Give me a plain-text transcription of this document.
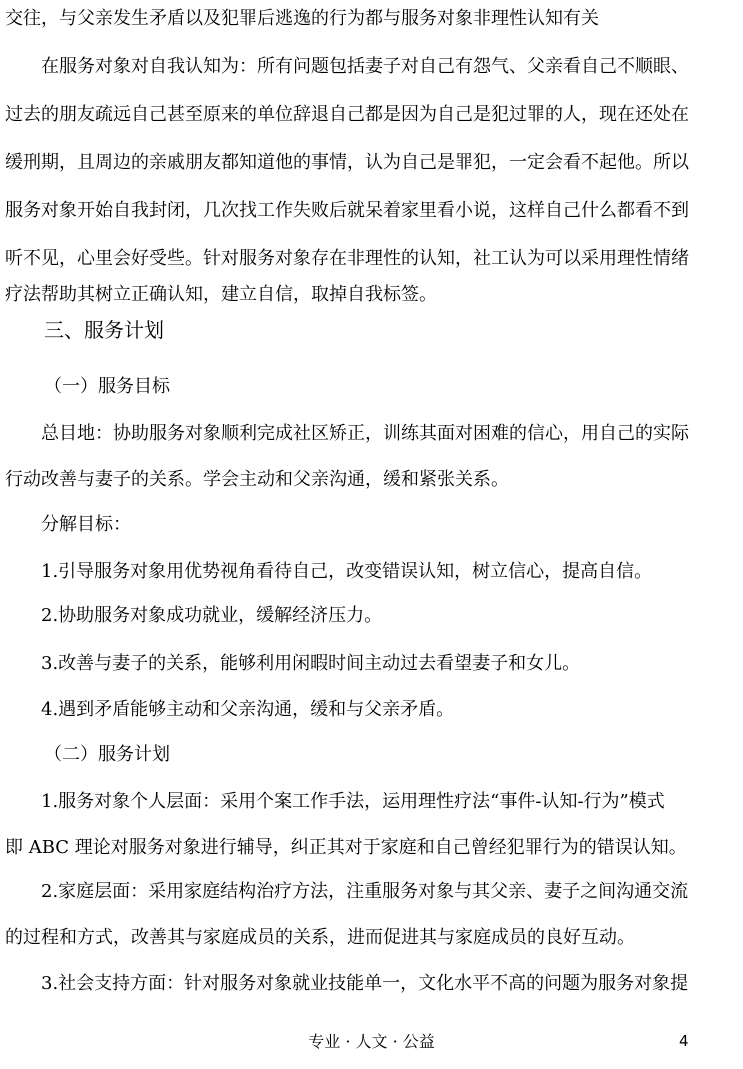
交往，与父亲发生矛盾以及犯罪后逃逸的行为都与服务对象非理性认知有关
在服务对象对自我认知为：所有问题包括妻子对自己有怨气、父亲看自己不顺眼、
过去的朋友疏远自己甚至原来的单位辞退自己都是因为自己是犯过罪的人，现在还处在
缓刑期，且周边的亲戚朋友都知道他的事情，认为自己是罪犯，一定会看不起他。所以
服务对象开始自我封闭，几次找工作失败后就呆着家里看小说，这样自己什么都看不到
听不见，心里会好受些。针对服务对象存在非理性的认知，社工认为可以采用理性情绪
疗法帮助其树立正确认知，建立自信，取掉自我标签。
三、服务计划
（一）服务目标
总目地：协助服务对象顺利完成社区矫正，训练其面对困难的信心，用自己的实际
行动改善与妻子的关系。学会主动和父亲沟通，缓和紧张关系。
分解目标：
1.引导服务对象用优势视角看待自己，改变错误认知，树立信心，提高自信。
2.协助服务对象成功就业，缓解经济压力。
3.改善与妻子的关系，能够利用闲暇时间主动过去看望妻子和女儿。
4.遇到矛盾能够主动和父亲沟通，缓和与父亲矛盾。
（二）服务计划
1.服务对象个人层面：采用个案工作手法，运用理性疗法“事件-认知-行为”模式
即 ABC 理论对服务对象进行辅导，纠正其对于家庭和自己曾经犯罪行为的错误认知。
2.家庭层面：采用家庭结构治疗方法，注重服务对象与其父亲、妻子之间沟通交流
的过程和方式，改善其与家庭成员的关系，进而促进其与家庭成员的良好互动。
3.社会支持方面：针对服务对象就业技能单一，文化水平不高的问题为服务对象提
专业 · 人文 · 公益	4
